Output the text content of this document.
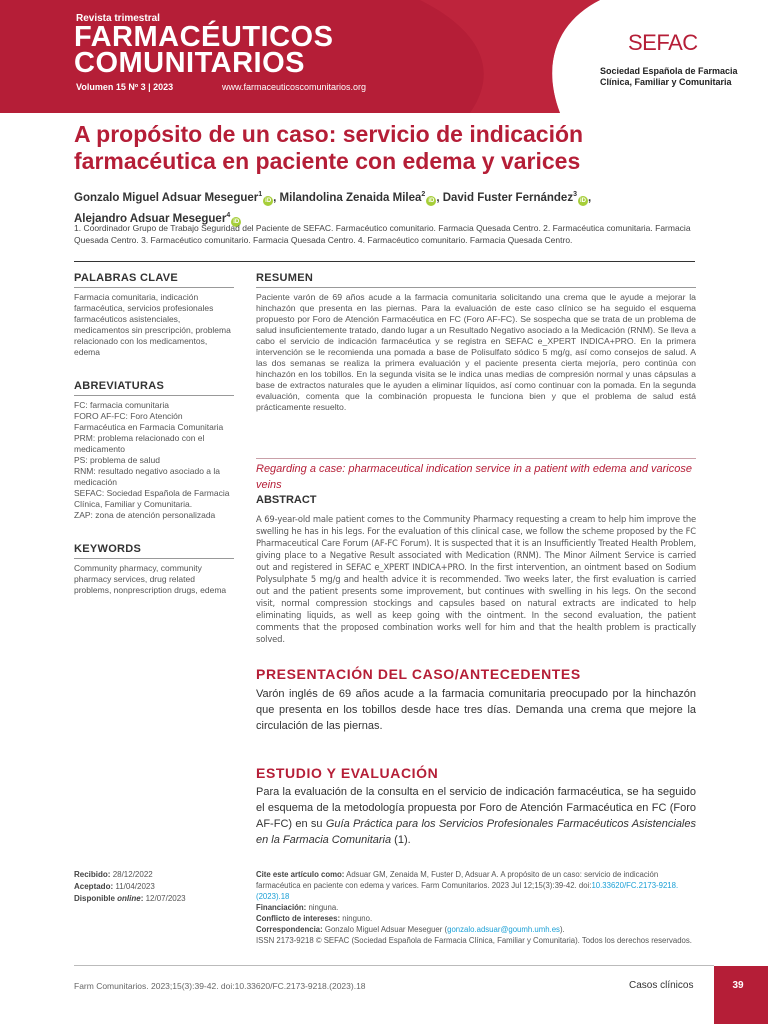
Revista trimestral
FARMACÉUTICOS
COMUNITARIOS
Volumen 15 Nº 3 | 2023	www.farmaceuticoscomunitarios.org
SEFAC
Sociedad Española de Farmacia
Clínica, Familiar y Comunitaria
A propósito de un caso: servicio de indicación
farmacéutica en paciente con edema y varices
Gonzalo Miguel Adsuar Meseguer$^1$iD , Milandolina Zenaida Milea$^2$iD , David Fuster Fernández$^3$iD ,
Alejandro Adsuar Meseguer$^4$iD
1. Coordinador Grupo de Trabajo Seguridad del Paciente de SEFAC. Farmacéutico comunitario. Farmacia Quesada Centro. 2. Farmacéutica comunitaria. Farmacia Quesada Centro. 3. Farmacéutico comunitario. Farmacia Quesada Centro. 4. Farmacéutico comunitario. Farmacia Quesada Centro.
PALABRAS CLAVE
Farmacia comunitaria, indicación farmacéutica, servicios profesionales farmacéuticos asistenciales, medicamentos sin prescripción, problema relacionado con los medicamentos, edema
ABREVIATURAS
FC: farmacia comunitaria
FORO AF-FC: Foro Atención Farmacéutica en Farmacia Comunitaria
PRM: problema relacionado con el medicamento
PS: problema de salud
RNM: resultado negativo asociado a la medicación
SEFAC: Sociedad Española de Farmacia Clínica, Familiar y Comunitaria.
ZAP: zona de atención personalizada
KEYWORDS
Community pharmacy, community pharmacy services, drug related problems, nonprescription drugs, edema
RESUMEN
Paciente varón de 69 años acude a la farmacia comunitaria solicitando una crema que le ayude a mejorar la hinchazón que presenta en las piernas. Para la evaluación de este caso clínico se ha seguido el esquema propuesto por Foro de Atención Farmacéutica en FC (Foro AF-FC). Se sospecha que se trata de un problema de salud insuficientemente tratado, dando lugar a un Resultado Negativo asociado a la Medicación (RNM). Se lleva a cabo el servicio de indicación farmacéutica y se registra en SEFAC e_XPERT INDICA+PRO. En la primera intervención se le recomienda una pomada a base de Polisulfato sódico 5 mg/g, así como consejos de salud. A las dos semanas se realiza la primera evaluación y el paciente presenta cierta mejoría, pero continúa con hinchazón en los tobillos. En la segunda visita se le indica unas medias de compresión normal y unas cápsulas a base de extractos naturales que le ayuden a eliminar líquidos, así como continuar con la pomada. En la segunda evaluación, comenta que la combinación propuesta le funciona bien y que el problema de salud está prácticamente resuelto.
Regarding a case: pharmaceutical indication service in a patient with edema and varicose veins
ABSTRACT
A 69-year-old male patient comes to the Community Pharmacy requesting a cream to help him improve the swelling he has in his legs. For the evaluation of this clinical case, we follow the scheme proposed by the FC Pharmaceutical Care Forum (AF-FC Forum). It is suspected that it is an Insufficiently Treated Health Problem, giving place to a Negative Result associated with Medication (RNM). The Minor Ailment Service is carried out and registered in SEFAC e_XPERT INDICA+PRO. In the first intervention, an ointment based on Sodium Polysulphate 5 mg/g and health advice it is recommended. Two weeks later, the first evaluation is carried out and the patient presents some improvement, but continues with swelling in his legs. On the second visit, normal compression stockings and capsules based on natural extracts are indicated to help eliminating liquids, as well as keep going with the ointment. In the second evaluation, the patient comments that the proposed combination works well for him and that the health problem is practically solved.
PRESENTACIÓN DEL CASO/ANTECEDENTES
Varón inglés de 69 años acude a la farmacia comunitaria preocupado por la hinchazón que presenta en los tobillos desde hace tres días. Demanda una crema que mejore la circulación de las piernas.
ESTUDIO Y EVALUACIÓN
Para la evaluación de la consulta en el servicio de indicación farmacéutica, se ha seguido el esquema de la metodología propuesta por Foro de Atención Farmacéutica en FC (Foro AF-FC) en su Guía Práctica para los Servicios Profesionales Farmacéuticos Asistenciales en la Farmacia Comunitaria (1).
Recibido: 28/12/2022
Aceptado: 11/04/2023
Disponible online: 12/07/2023
Cite este artículo como: Adsuar GM, Zenaida M, Fuster D, Adsuar A. A propósito de un caso: servicio de indicación farmacéutica en paciente con edema y varices. Farm Comunitarios. 2023 Jul 12;15(3):39-42. doi:10.33620/FC.2173-9218.(2023).18
Financiación: ninguna.
Conflicto de intereses: ninguno.
Correspondencia: Gonzalo Miguel Adsuar Meseguer (gonzalo.adsuar@goumh.umh.es).
ISSN 2173-9218 © SEFAC (Sociedad Española de Farmacia Clínica, Familiar y Comunitaria). Todos los derechos reservados.
Farm Comunitarios. 2023;15(3):39-42. doi:10.33620/FC.2173-9218.(2023).18	Casos clínicos	39
